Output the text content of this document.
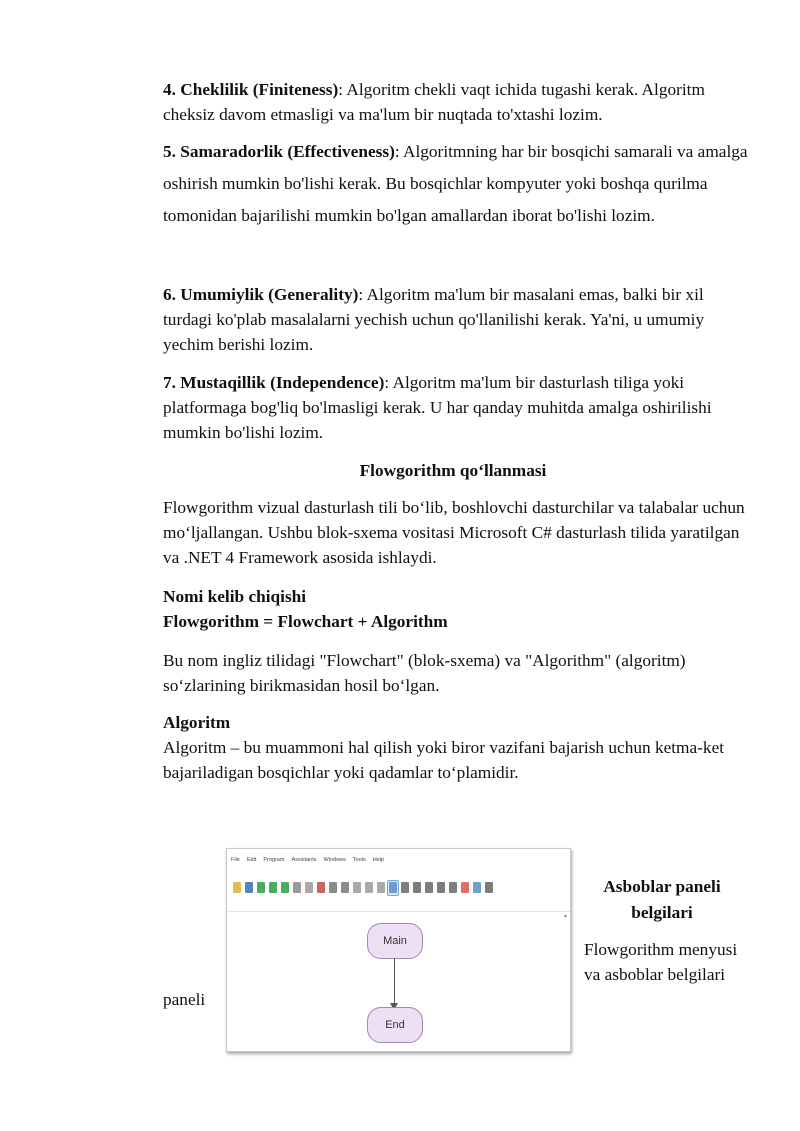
4. Cheklilik (Finiteness): Algoritm chekli vaqt ichida tugashi kerak. Algoritm cheksiz davom etmasligi va ma'lum bir nuqtada to'xtashi lozim.

5. Samaradorlik (Effectiveness): Algoritmning har bir bosqichi samarali va amalga oshirish mumkin bo'lishi kerak. Bu bosqichlar kompyuter yoki boshqa qurilma tomonidan bajarilishi mumkin bo'lgan amallardan iborat bo'lishi lozim.

6. Umumiylik (Generality): Algoritm ma'lum bir masalani emas, balki bir xil turdagi ko'plab masalalarni yechish uchun qo'llanilishi kerak. Ya'ni, u umumiy yechim berishi lozim.

7. Mustaqillik (Independence): Algoritm ma'lum bir dasturlash tiliga yoki platformaga bog'liq bo'lmasligi kerak. U har qanday muhitda amalga oshirilishi mumkin bo'lishi lozim.

Flowgorithm qo‘llanmasi

Flowgorithm vizual dasturlash tili bo‘lib, boshlovchi dasturchilar va talabalar uchun mo‘ljallangan. Ushbu blok-sxema vositasi Microsoft C# dasturlash tilida yaratilgan va .NET 4 Framework asosida ishlaydi.

Nomi kelib chiqishi
Flowgorithm = Flowchart + Algorithm

Bu nom ingliz tilidagi "Flowchart" (blok-sxema) va "Algorithm" (algoritm) so‘zlarining birikmasidan hosil bo‘lgan.

Algoritm
Algoritm – bu muammoni hal qilish yoki biror vazifani bajarish uchun ketma-ket bajariladigan bosqichlar yoki qadamlar to‘plamidir.

paneli
File Edit Program Assistants Windows Tools Help
▴
Main
End
Asboblar paneli belgilari
Flowgorithm menyusi va asboblar belgilari
